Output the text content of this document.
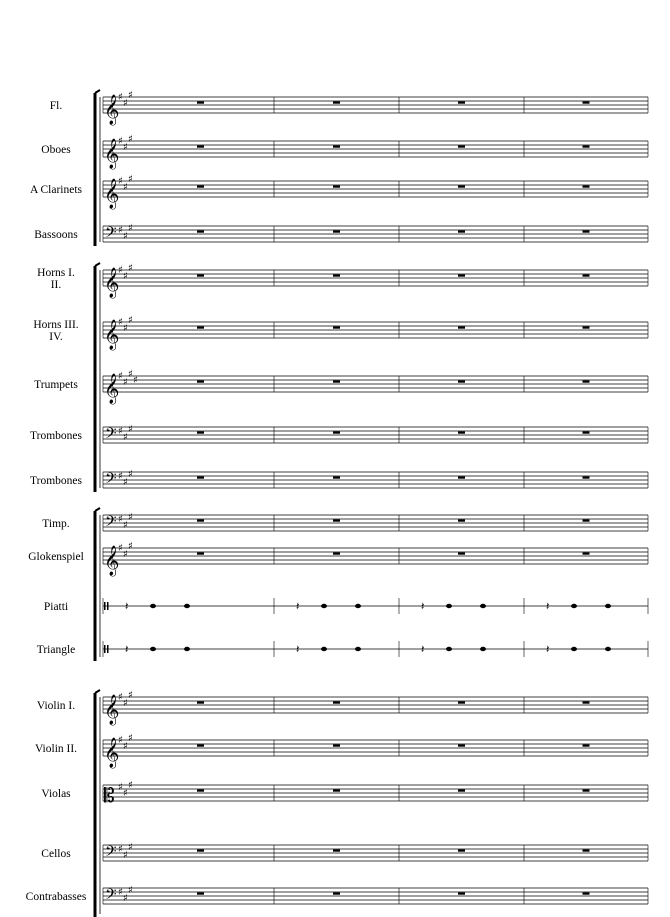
Fl. 𝄞
♯
♯
♯
Oboes 𝄞
♯
♯
♯
A Clarinets 𝄞
♯
♯
♯
Bassoons 𝄢 ♯
♯
♯
Horns I.
II. 𝄞
♯
♯
♯
Horns III.
IV. 𝄞
♯
♯
♯
Trumpets 𝄞
♯
♯
♯
♯
Trombones 𝄢 ♯
♯
♯
Trombones 𝄢 ♯
♯
♯
Timp. 𝄢 ♯
♯
♯
Glokenspiel 𝄞
♯
♯
♯
Piatti	𝄽	𝄽	𝄽	𝄽
Triangle	𝄽	𝄽	𝄽	𝄽
Violin I. 𝄞
♯
♯
♯
Violin II. 𝄞
♯
♯
♯
Violas 𝄡 ♯
♯
♯
Cellos 𝄢 ♯
♯
♯
Contrabasses 𝄢 ♯
♯
♯
